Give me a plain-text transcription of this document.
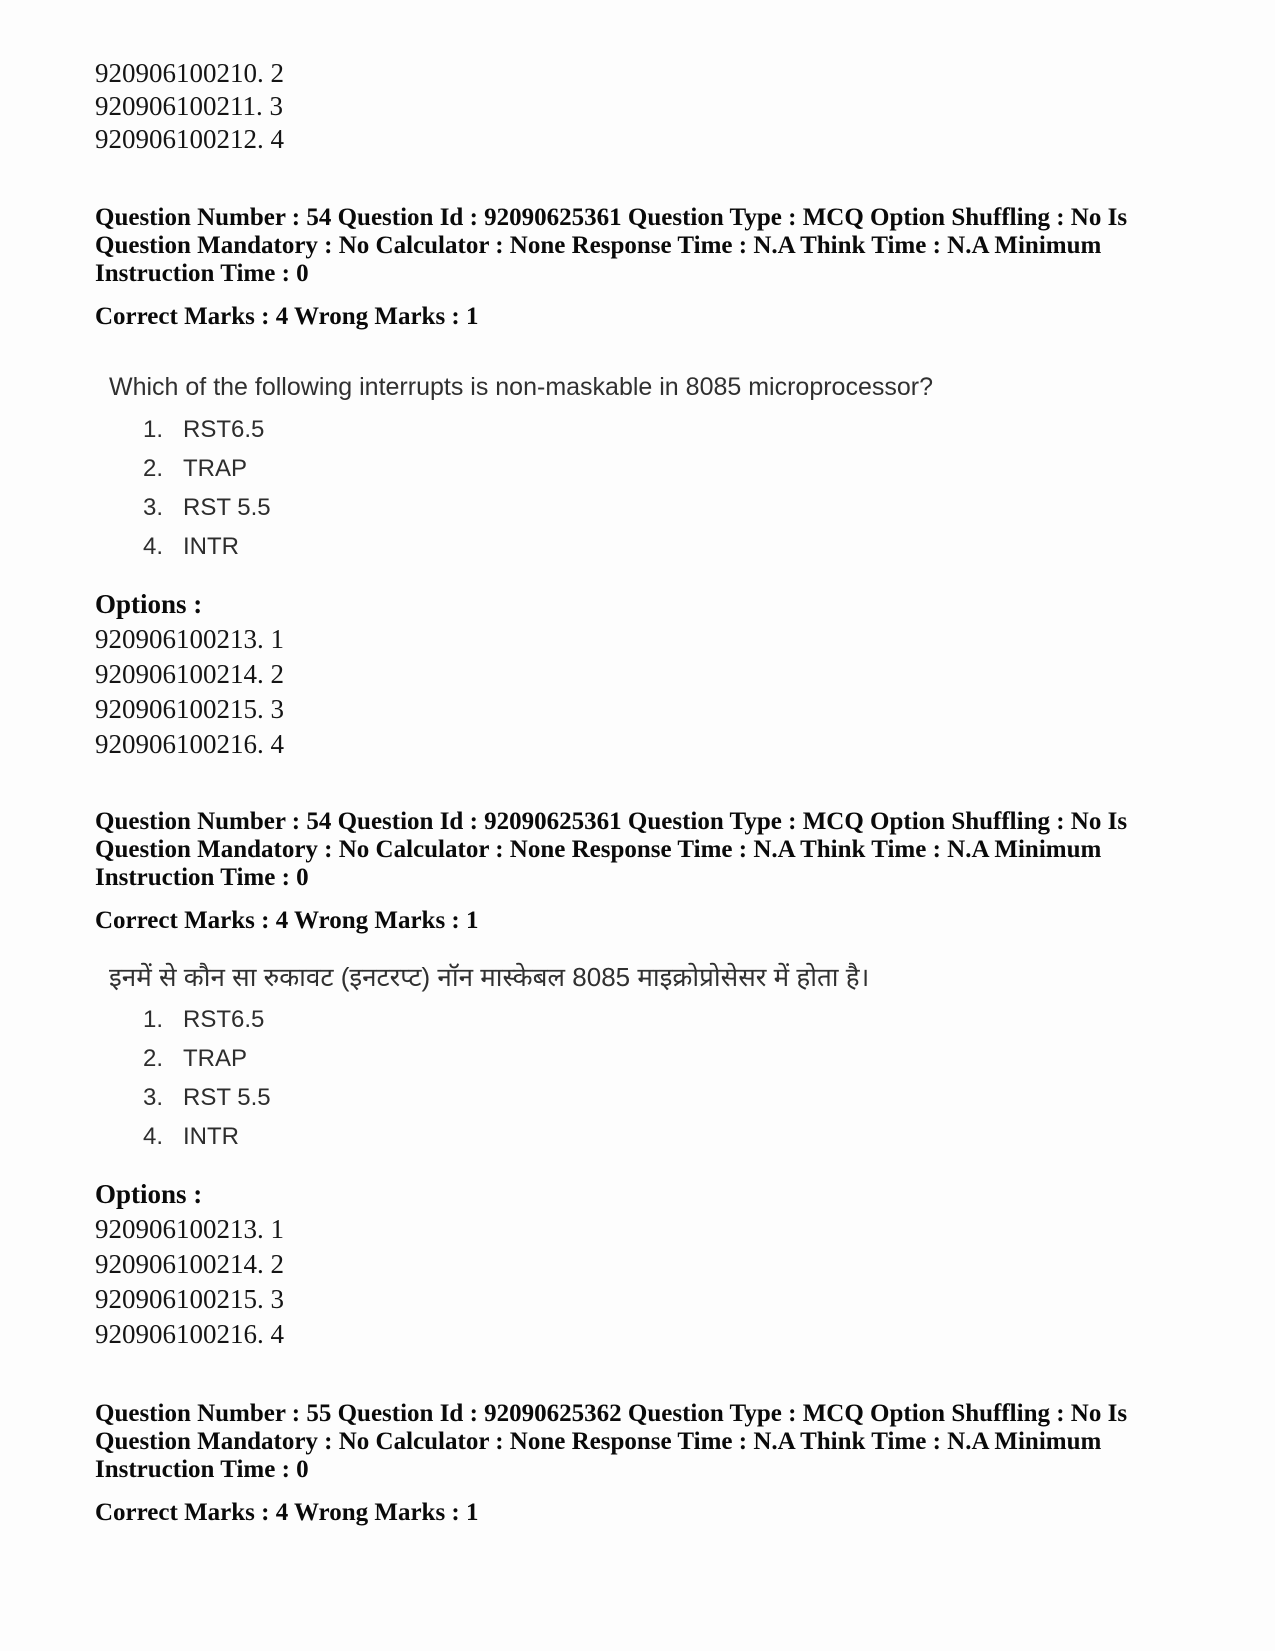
920906100210. 2
920906100211. 3
920906100212. 4
Question Number : 54 Question Id : 92090625361 Question Type : MCQ Option Shuffling : No Is
Question Mandatory : No Calculator : None Response Time : N.A Think Time : N.A Minimum
Instruction Time : 0
Correct Marks : 4 Wrong Marks : 1
Which of the following interrupts is non-maskable in 8085 microprocessor?
1. RST6.5
2. TRAP
3. RST 5.5
4. INTR
Options :
920906100213. 1
920906100214. 2
920906100215. 3
920906100216. 4
Question Number : 54 Question Id : 92090625361 Question Type : MCQ Option Shuffling : No Is
Question Mandatory : No Calculator : None Response Time : N.A Think Time : N.A Minimum
Instruction Time : 0
Correct Marks : 4 Wrong Marks : 1
इनमें से कौन सा रुकावट (इनटरप्ट) नॉन मास्केबल 8085 माइक्रोप्रोसेसर में होता है।
1. RST6.5
2. TRAP
3. RST 5.5
4. INTR
Options :
920906100213. 1
920906100214. 2
920906100215. 3
920906100216. 4
Question Number : 55 Question Id : 92090625362 Question Type : MCQ Option Shuffling : No Is
Question Mandatory : No Calculator : None Response Time : N.A Think Time : N.A Minimum
Instruction Time : 0
Correct Marks : 4 Wrong Marks : 1
